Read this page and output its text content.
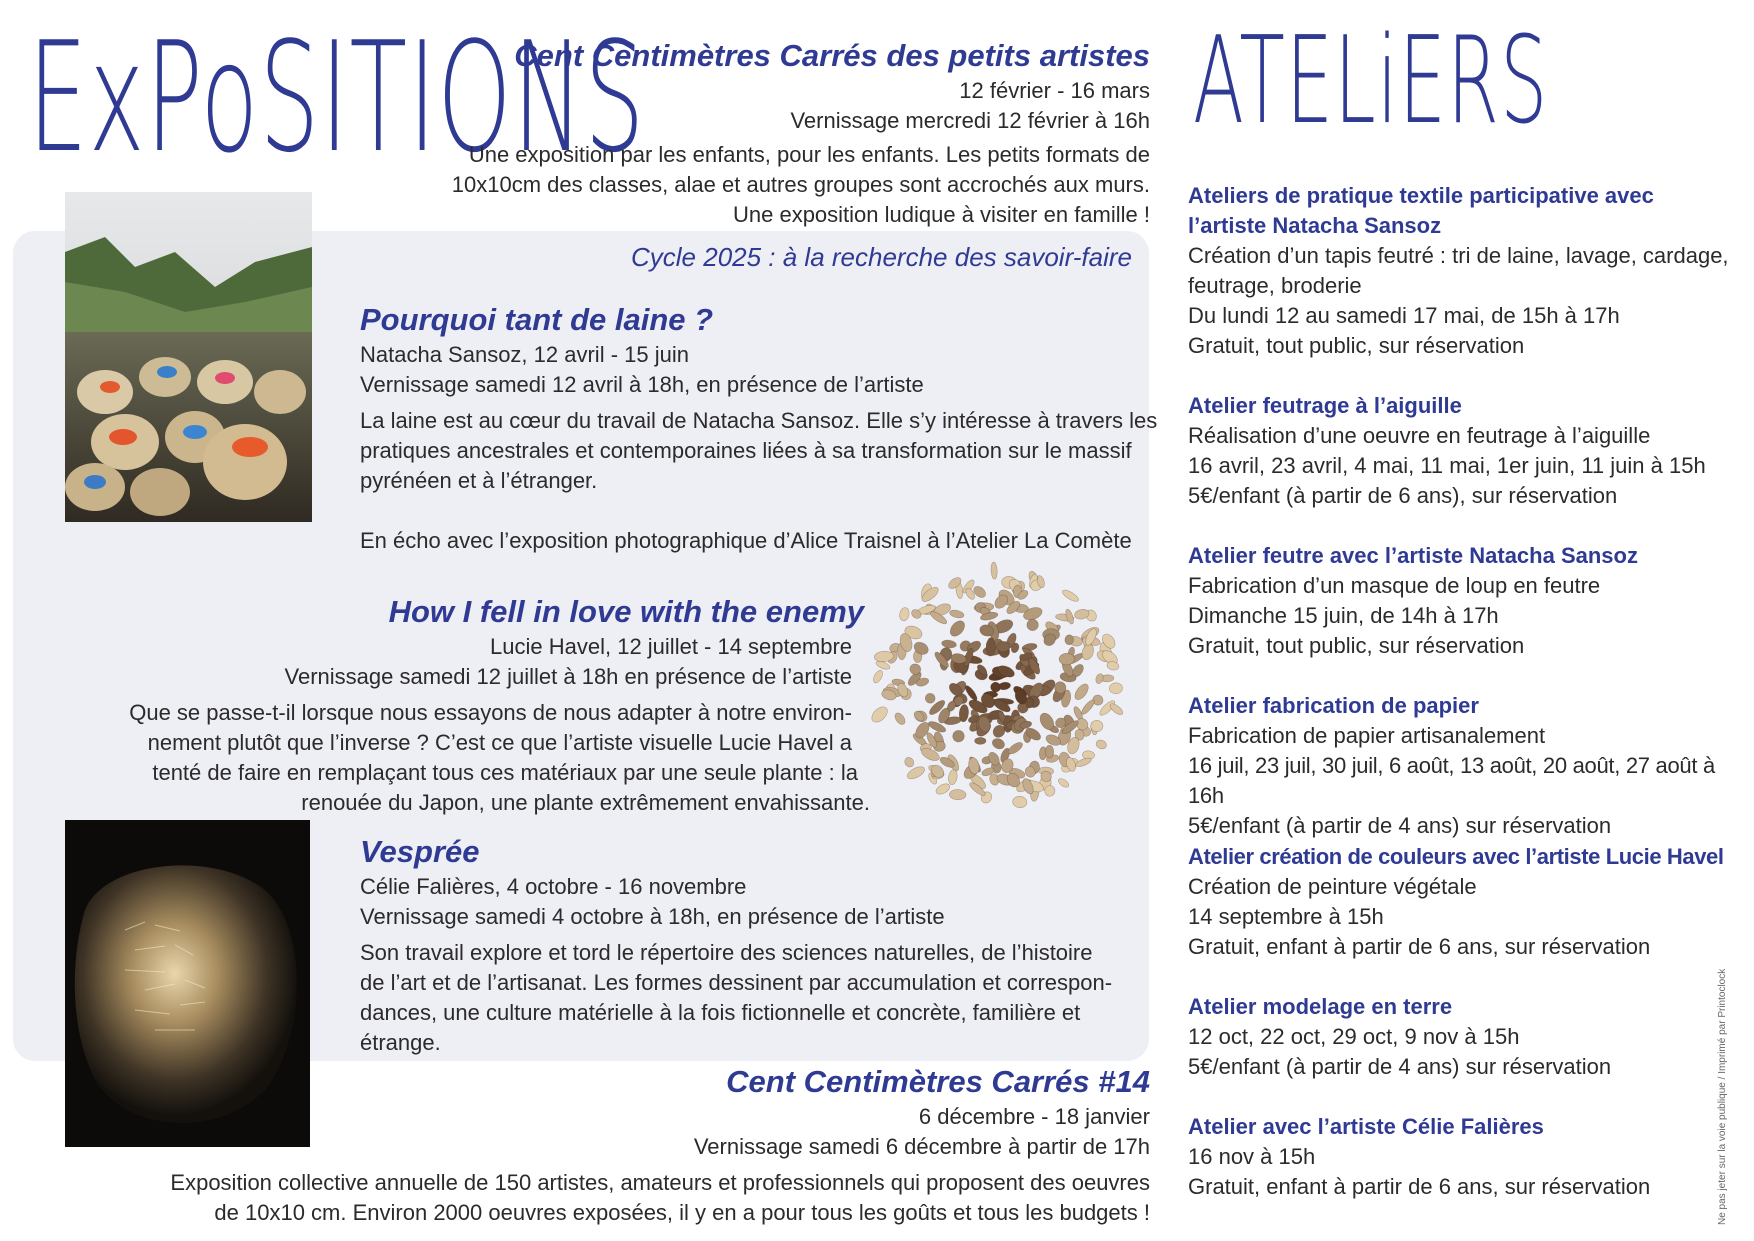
ExPoSITIONS	ATELiERS
Cent Centimètres Carrés des petits artistes
12 février - 16 mars
Vernissage mercredi 12 février à 16h
Une exposition par les enfants, pour les enfants. Les petits formats de
10x10cm des classes, alae et autres groupes sont accrochés aux murs.
Une exposition ludique à visiter en famille !
Cycle 2025 : à la recherche des savoir-faire
Pourquoi tant de laine ?
Natacha Sansoz, 12 avril - 15 juin
Vernissage samedi 12 avril à 18h, en présence de l’artiste
La laine est au cœur du travail de Natacha Sansoz. Elle s’y intéresse à travers les
pratiques ancestrales et contemporaines liées à sa transformation sur le massif
pyrénéen et à l’étranger.
En écho avec l’exposition photographique d’Alice Traisnel à l’Atelier La Comète
How I fell in love with the enemy
Lucie Havel, 12 juillet - 14 septembre
Vernissage samedi 12 juillet à 18h en présence de l’artiste
Que se passe-t-il lorsque nous essayons de nous adapter à notre environ-
nement plutôt que l’inverse ? C’est ce que l’artiste visuelle Lucie Havel a
tenté de faire en remplaçant tous ces matériaux par une seule plante : la
renouée du Japon, une plante extrêmement envahissante.
Vesprée
Célie Falières, 4 octobre - 16 novembre
Vernissage samedi 4 octobre à 18h, en présence de l’artiste
Son travail explore et tord le répertoire des sciences naturelles, de l’histoire
de l’art et de l’artisanat. Les formes dessinent par accumulation et correspon-
dances, une culture matérielle à la fois fictionnelle et concrète, familière et
étrange.
Cent Centimètres Carrés #14
6 décembre - 18 janvier
Vernissage samedi 6 décembre à partir de 17h
Exposition collective annuelle de 150 artistes, amateurs et professionnels qui proposent des oeuvres
de 10x10 cm. Environ 2000 oeuvres exposées, il y en a pour tous les goûts et tous les budgets !
Ateliers de pratique textile participative avec
l’artiste Natacha Sansoz
Création d’un tapis feutré : tri de laine, lavage, cardage,
feutrage, broderie
Du lundi 12 au samedi 17 mai, de 15h à 17h
Gratuit, tout public, sur réservation
Atelier feutrage à l’aiguille
Réalisation d’une oeuvre en feutrage à l’aiguille
16 avril, 23 avril, 4 mai, 11 mai, 1er juin, 11 juin à 15h
5€/enfant (à partir de 6 ans), sur réservation
Atelier feutre avec l’artiste Natacha Sansoz
Fabrication d’un masque de loup en feutre
Dimanche 15 juin, de 14h à 17h
Gratuit, tout public, sur réservation
Atelier fabrication de papier
Fabrication de papier artisanalement
16 juil, 23 juil, 30 juil, 6 août, 13 août, 20 août, 27 août à 16h
5€/enfant (à partir de 4 ans) sur réservation
Atelier création de couleurs avec l’artiste Lucie Havel
Création de peinture végétale
14 septembre à 15h
Gratuit, enfant à partir de 6 ans, sur réservation
Atelier modelage en terre
12 oct, 22 oct, 29 oct, 9 nov à 15h
5€/enfant (à partir de 4 ans) sur réservation
Atelier avec l’artiste Célie Falières
16 nov à 15h
Gratuit, enfant à partir de 6 ans, sur réservation	Ne pas jeter sur la voie publique / Imprimé par Printoclock
